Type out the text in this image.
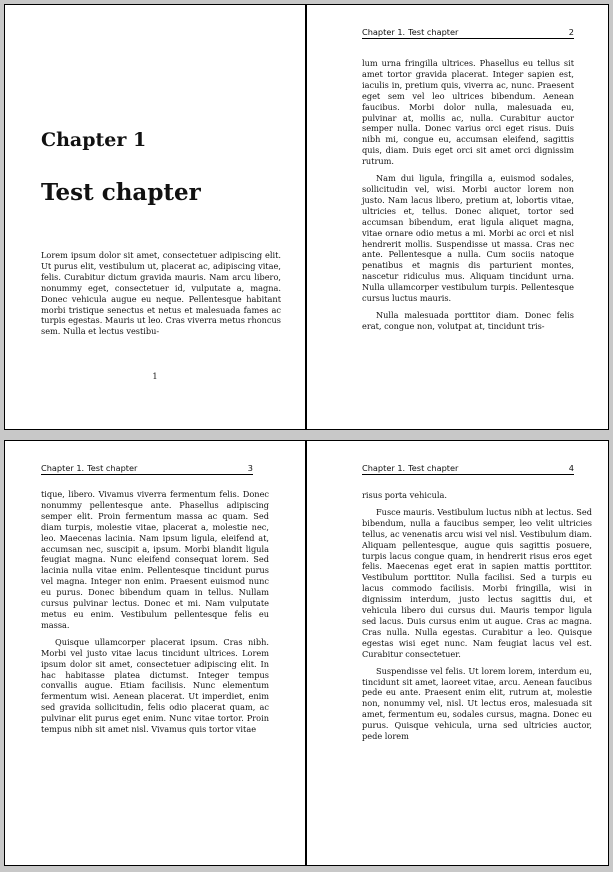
Chapter 1
Test chapter

Lorem ipsum dolor sit amet, consectetuer adipiscing elit. Ut purus elit, vestibulum ut, placerat ac, adipiscing vitae, felis. Curabitur dictum gravida mauris. Nam arcu libero, nonummy eget, consectetuer id, vulputate a, magna. Donec vehicula augue eu neque. Pellentesque habitant morbi tristique senectus et netus et malesuada fames ac turpis egestas. Mauris ut leo. Cras viverra metus rhoncus sem. Nulla et lectus vestibu-

1
Chapter 1. Test chapter	2

lum urna fringilla ultrices. Phasellus eu tellus sit amet tortor gravida placerat. Integer sapien est, iaculis in, pretium quis, viverra ac, nunc. Praesent eget sem vel leo ultrices bibendum. Aenean faucibus. Morbi dolor nulla, malesuada eu, pulvinar at, mollis ac, nulla. Curabitur auctor semper nulla. Donec varius orci eget risus. Duis nibh mi, congue eu, accumsan eleifend, sagittis quis, diam. Duis eget orci sit amet orci dignissim rutrum.

Nam dui ligula, fringilla a, euismod sodales, sollicitudin vel, wisi. Morbi auctor lorem non justo. Nam lacus libero, pretium at, lobortis vitae, ultricies et, tellus. Donec aliquet, tortor sed accumsan bibendum, erat ligula aliquet magna, vitae ornare odio metus a mi. Morbi ac orci et nisl hendrerit mollis. Suspendisse ut massa. Cras nec ante. Pellentesque a nulla. Cum sociis natoque penatibus et magnis dis parturient montes, nascetur ridiculus mus. Aliquam tincidunt urna. Nulla ullamcorper vestibulum turpis. Pellentesque cursus luctus mauris.

Nulla malesuada porttitor diam. Donec felis erat, congue non, volutpat at, tincidunt tris-

Chapter 1. Test chapter	3

tique, libero. Vivamus viverra fermentum felis. Donec nonummy pellentesque ante. Phasellus adipiscing semper elit. Proin fermentum massa ac quam. Sed diam turpis, molestie vitae, placerat a, molestie nec, leo. Maecenas lacinia. Nam ipsum ligula, eleifend at, accumsan nec, suscipit a, ipsum. Morbi blandit ligula feugiat magna. Nunc eleifend consequat lorem. Sed lacinia nulla vitae enim. Pellentesque tincidunt purus vel magna. Integer non enim. Praesent euismod nunc eu purus. Donec bibendum quam in tellus. Nullam cursus pulvinar lectus. Donec et mi. Nam vulputate metus eu enim. Vestibulum pellentesque felis eu massa.

Quisque ullamcorper placerat ipsum. Cras nibh. Morbi vel justo vitae lacus tincidunt ultrices. Lorem ipsum dolor sit amet, consectetuer adipiscing elit. In hac habitasse platea dictumst. Integer tempus convallis augue. Etiam facilisis. Nunc elementum fermentum wisi. Aenean placerat. Ut imperdiet, enim sed gravida sollicitudin, felis odio placerat quam, ac pulvinar elit purus eget enim. Nunc vitae tortor. Proin tempus nibh sit amet nisl. Vivamus quis tortor vitae

Chapter 1. Test chapter	4

risus porta vehicula.

Fusce mauris. Vestibulum luctus nibh at lectus. Sed bibendum, nulla a faucibus semper, leo velit ultricies tellus, ac venenatis arcu wisi vel nisl. Vestibulum diam. Aliquam pellentesque, augue quis sagittis posuere, turpis lacus congue quam, in hendrerit risus eros eget felis. Maecenas eget erat in sapien mattis porttitor. Vestibulum porttitor. Nulla facilisi. Sed a turpis eu lacus commodo facilisis. Morbi fringilla, wisi in dignissim interdum, justo lectus sagittis dui, et vehicula libero dui cursus dui. Mauris tempor ligula sed lacus. Duis cursus enim ut augue. Cras ac magna. Cras nulla. Nulla egestas. Curabitur a leo. Quisque egestas wisi eget nunc. Nam feugiat lacus vel est. Curabitur consectetuer.

Suspendisse vel felis. Ut lorem lorem, interdum eu, tincidunt sit amet, laoreet vitae, arcu. Aenean faucibus pede eu ante. Praesent enim elit, rutrum at, molestie non, nonummy vel, nisl. Ut lectus eros, malesuada sit amet, fermentum eu, sodales cursus, magna. Donec eu purus. Quisque vehicula, urna sed ultricies auctor, pede lorem
